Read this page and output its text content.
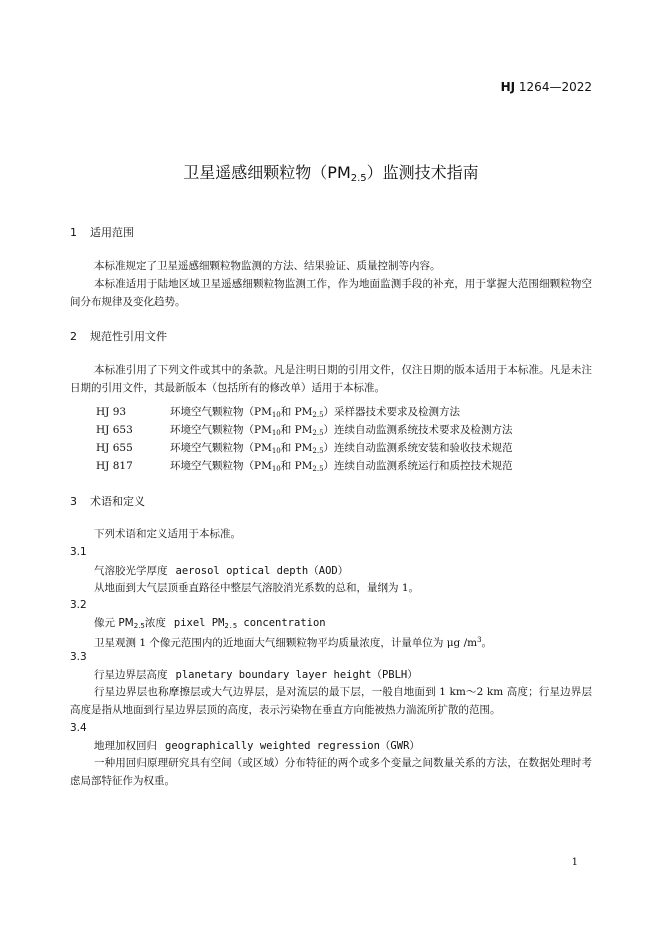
HJ 1264—2022
卫星遥感细颗粒物$(PM_{2.5})$监测技术指南
1 适用范围
本标准规定了卫星遥感细颗粒物监测的方法、结果验证、质量控制等内容。
本标准适用于陆地区域卫星遥感细颗粒物监测工作，作为地面监测手段的补充，用于掌握大范围细颗粒物空间分布规律及变化趋势。
2 规范性引用文件
本标准引用了下列文件或其中的条款。凡是注明日期的引用文件，仅注日期的版本适用于本标准。凡是未注日期的引用文件，其最新版本（包括所有的修改单）适用于本标准。
HJ 93	环境空气颗粒物（$PM_{10}$和 $PM_{2.5}$）采样器技术要求及检测方法
HJ 653	环境空气颗粒物（$PM_{10}$和 $PM_{2.5}$）连续自动监测系统技术要求及检测方法
HJ 655	环境空气颗粒物（$PM_{10}$和 $PM_{2.5}$）连续自动监测系统安装和验收技术规范
HJ 817	环境空气颗粒物（$PM_{10}$和 $PM_{2.5}$）连续自动监测系统运行和质控技术规范
3 术语和定义
下列术语和定义适用于本标准。
3.1
气溶胶光学厚度 aerosol optical depth（AOD）
从地面到大气层顶垂直路径中整层气溶胶消光系数的总和，量纲为 1。
3.2
像元 $PM_{2.5}$浓度 pixel $PM_{2.5}$ concentration
卫星观测 1 个像元范围内的近地面大气细颗粒物平均质量浓度，计量单位为 μg $/m^3$。
3.3
行星边界层高度 planetary boundary layer height（PBLH）
行星边界层也称摩擦层或大气边界层，是对流层的最下层，一般自地面到 1 km～2 km 高度；行星边界层高度是指从地面到行星边界层顶的高度，表示污染物在垂直方向能被热力湍流所扩散的范围。
3.4
地理加权回归 geographically weighted regression（GWR）
一种用回归原理研究具有空间（或区域）分布特征的两个或多个变量之间数量关系的方法，在数据处理时考虑局部特征作为权重。
1
